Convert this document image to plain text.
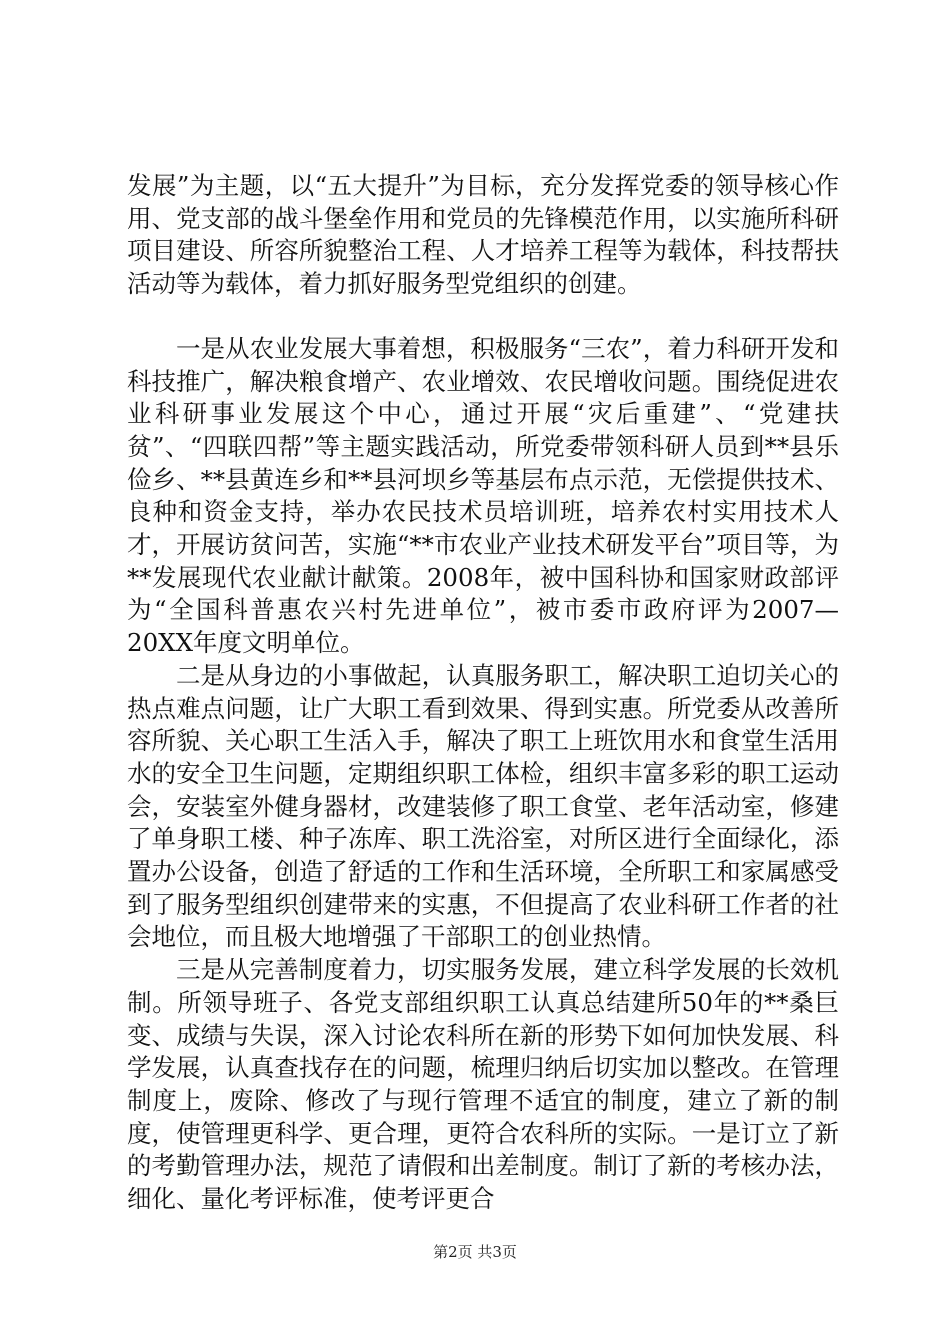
发展”为主题，以“五大提升”为目标，充分发挥党委的领导核心作用、党支部的战斗堡垒作用和党员的先锋模范作用，以实施所科研项目建设、所容所貌整治工程、人才培养工程等为载体，科技帮扶活动等为载体，着力抓好服务型党组织的创建。

一是从农业发展大事着想，积极服务“三农”，着力科研开发和科技推广，解决粮食增产、农业增效、农民增收问题。围绕促进农业科研事业发展这个中心，通过开展“灾后重建”、“党建扶贫”、“四联四帮”等主题实践活动，所党委带领科研人员到**县乐俭乡、**县黄连乡和**县河坝乡等基层布点示范，无偿提供技术、良种和资金支持，举办农民技术员培训班，培养农村实用技术人才，开展访贫问苦，实施“**市农业产业技术研发平台”项目等，为**发展现代农业献计献策。2008年，被中国科协和国家财政部评为“全国科普惠农兴村先进单位”，被市委市政府评为2007—20XX年度文明单位。

二是从身边的小事做起，认真服务职工，解决职工迫切关心的热点难点问题，让广大职工看到效果、得到实惠。所党委从改善所容所貌、关心职工生活入手，解决了职工上班饮用水和食堂生活用水的安全卫生问题，定期组织职工体检，组织丰富多彩的职工运动会，安装室外健身器材，改建装修了职工食堂、老年活动室，修建了单身职工楼、种子冻库、职工洗浴室，对所区进行全面绿化，添置办公设备，创造了舒适的工作和生活环境，全所职工和家属感受到了服务型组织创建带来的实惠，不但提高了农业科研工作者的社会地位，而且极大地增强了干部职工的创业热情。

三是从完善制度着力，切实服务发展，建立科学发展的长效机制。所领导班子、各党支部组织职工认真总结建所50年的**桑巨变、成绩与失误，深入讨论农科所在新的形势下如何加快发展、科学发展，认真查找存在的问题，梳理归纳后切实加以整改。在管理制度上，废除、修改了与现行管理不适宜的制度，建立了新的制度，使管理更科学、更合理，更符合农科所的实际。一是订立了新的考勤管理办法，规范了请假和出差制度。制订了新的考核办法，细化、量化考评标准，使考评更合

第2页 共3页
